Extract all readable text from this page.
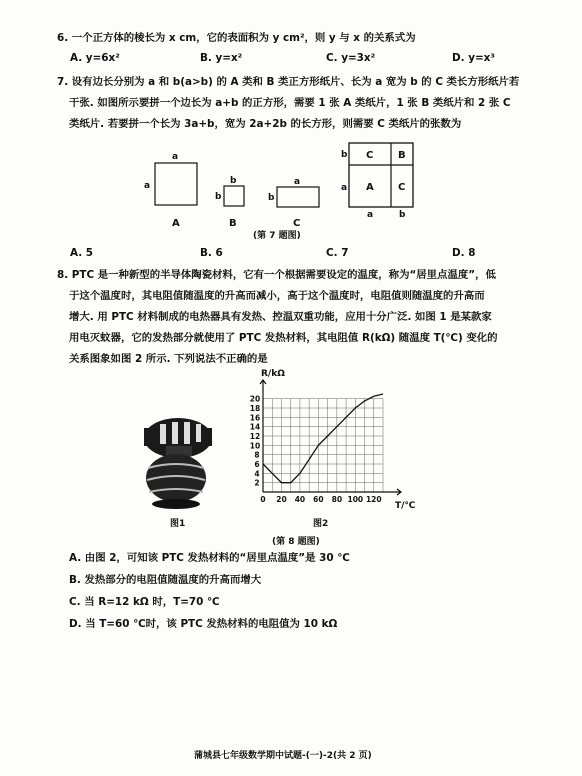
6. 一个正方体的棱长为 x cm，它的表面积为 y cm²，则 y 与 x 的关系式为
A. y=6x²	B. y=x²	C. y=3x²	D. y=x³
7. 设有边长分别为 a 和 b(a>b) 的 A 类和 B 类正方形纸片、长为 a 宽为 b 的 C 类长方形纸片若
干张. 如图所示要拼一个边长为 a+b 的正方形，需要 1 张 A 类纸片，1 张 B 类纸片和 2 张 C
类纸片. 若要拼一个长为 3a+b，宽为 2a+2b 的长方形，则需要 C 类纸片的张数为
a
a
A
b
b
B
a
b
C
C B
A C
b
a
a	b
(第 7 题图)
A. 5	B. 6	C. 7	D. 8
8. PTC 是一种新型的半导体陶瓷材料，它有一个根据需要设定的温度，称为“居里点温度”，低
于这个温度时，其电阻值随温度的升高而减小，高于这个温度时，电阻值则随温度的升高而
增大. 用 PTC 材料制成的电热器具有发热、控温双重功能，应用十分广泛. 如图 1 是某款家
用电灭蚊器，它的发热部分就使用了 PTC 发热材料，其电阻值 R(kΩ) 随温度 T(℃) 变化的
关系图象如图 2 所示. 下列说法不正确的是
图1
0 20 40 60 80 100 120
2
4
6
8
10
12
14
16
18
20
R/kΩ
T/℃
图2
(第 8 题图)
A. 由图 2，可知该 PTC 发热材料的“居里点温度”是 30 ℃
B. 发热部分的电阻值随温度的升高而增大
C. 当 R=12 kΩ 时，T=70 ℃
D. 当 T=60 ℃时，该 PTC 发热材料的电阻值为 10 kΩ
蒲城县七年级数学期中试题-(一)-2(共 2 页)
